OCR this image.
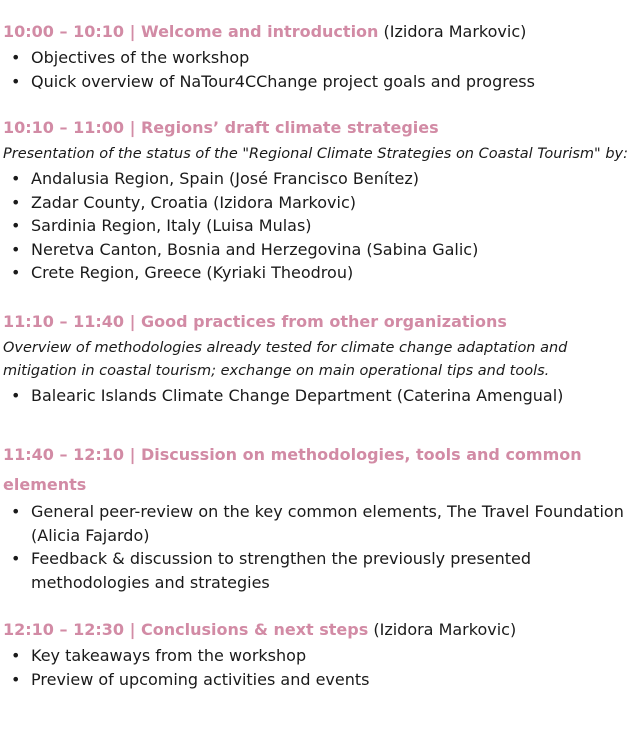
10:00 – 10:10 | Welcome and introduction (Izidora Markovic)

• Objectives of the workshop
• Quick overview of NaTour4CChange project goals and progress

10:10 – 11:00 | Regions’ draft climate strategies

Presentation of the status of the "Regional Climate Strategies on Coastal Tourism" by:

• Andalusia Region, Spain (José Francisco Benítez)
• Zadar County, Croatia (Izidora Markovic)
• Sardinia Region, Italy (Luisa Mulas)
• Neretva Canton, Bosnia and Herzegovina (Sabina Galic)
• Crete Region, Greece (Kyriaki Theodrou)

11:10 – 11:40 | Good practices from other organizations

Overview of methodologies already tested for climate change adaptation and mitigation in coastal tourism; exchange on main operational tips and tools.

• Balearic Islands Climate Change Department (Caterina Amengual)

11:40 – 12:10 | Discussion on methodologies, tools and common elements

• General peer-review on the key common elements, The Travel Foundation (Alicia Fajardo)
• Feedback & discussion to strengthen the previously presented methodologies and strategies

12:10 – 12:30 | Conclusions & next steps (Izidora Markovic)

• Key takeaways from the workshop
• Preview of upcoming activities and events
